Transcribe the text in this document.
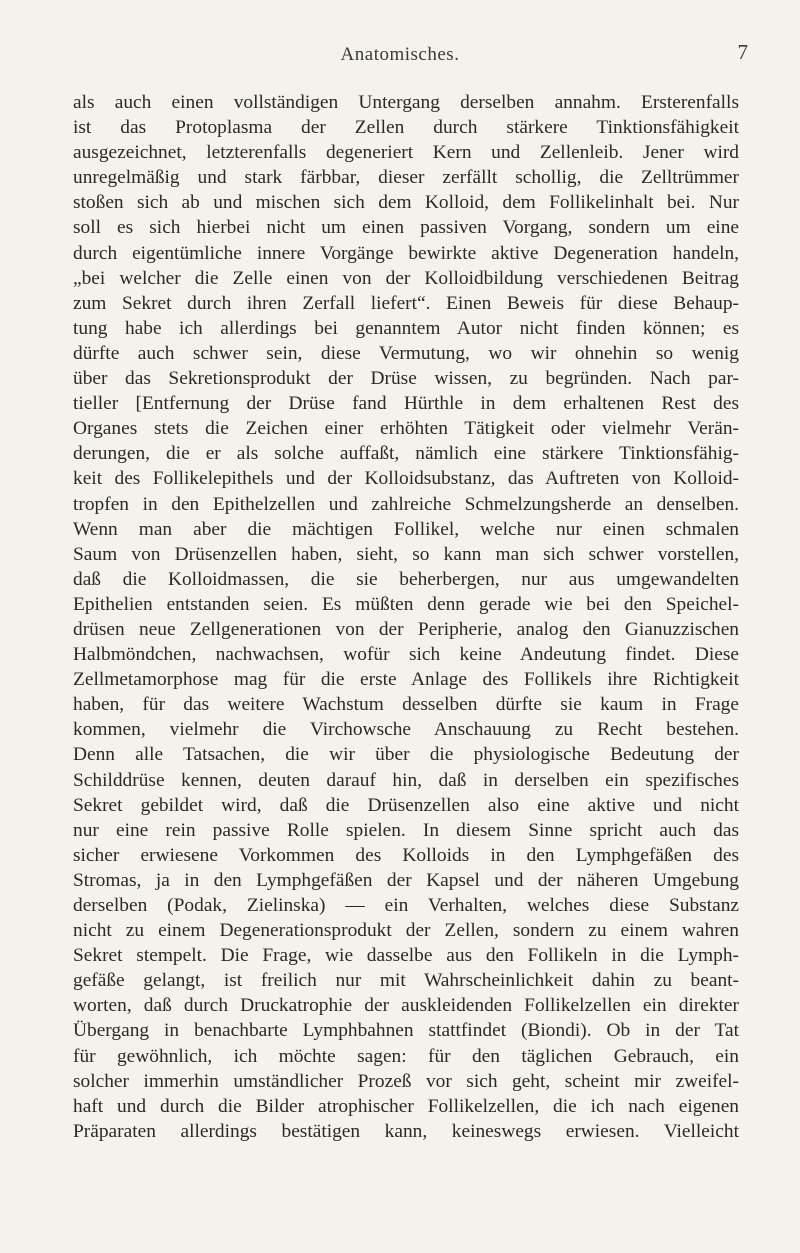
Anatomisches.	7
als auch einen vollständigen Untergang derselben annahm. Ersterenfalls
ist das Protoplasma der Zellen durch stärkere Tinktionsfähigkeit
ausgezeichnet, letzterenfalls degeneriert Kern und Zellenleib. Jener wird
unregelmäßig und stark färbbar, dieser zerfällt schollig, die Zelltrümmer
stoßen sich ab und mischen sich dem Kolloid, dem Follikelinhalt bei. Nur
soll es sich hierbei nicht um einen passiven Vorgang, sondern um eine
durch eigentümliche innere Vorgänge bewirkte aktive Degeneration handeln,
„bei welcher die Zelle einen von der Kolloidbildung verschiedenen Beitrag
zum Sekret durch ihren Zerfall liefert“. Einen Beweis für diese Behaup-
tung habe ich allerdings bei genanntem Autor nicht finden können; es
dürfte auch schwer sein, diese Vermutung, wo wir ohnehin so wenig
über das Sekretionsprodukt der Drüse wissen, zu begründen. Nach par-
tieller [Entfernung der Drüse fand Hürthle in dem erhaltenen Rest des
Organes stets die Zeichen einer erhöhten Tätigkeit oder vielmehr Verän-
derungen, die er als solche auffaßt, nämlich eine stärkere Tinktionsfähig-
keit des Follikelepithels und der Kolloidsubstanz, das Auftreten von Kolloid-
tropfen in den Epithelzellen und zahlreiche Schmelzungsherde an denselben.
Wenn man aber die mächtigen Follikel, welche nur einen schmalen
Saum von Drüsenzellen haben, sieht, so kann man sich schwer vorstellen,
daß die Kolloidmassen, die sie beherbergen, nur aus umgewandelten
Epithelien entstanden seien. Es müßten denn gerade wie bei den Speichel-
drüsen neue Zellgenerationen von der Peripherie, analog den Gianuzzischen
Halbmöndchen, nachwachsen, wofür sich keine Andeutung findet. Diese
Zellmetamorphose mag für die erste Anlage des Follikels ihre Richtigkeit
haben, für das weitere Wachstum desselben dürfte sie kaum in Frage
kommen, vielmehr die Virchowsche Anschauung zu Recht bestehen.
Denn alle Tatsachen, die wir über die physiologische Bedeutung der
Schilddrüse kennen, deuten darauf hin, daß in derselben ein spezifisches
Sekret gebildet wird, daß die Drüsenzellen also eine aktive und nicht
nur eine rein passive Rolle spielen. In diesem Sinne spricht auch das
sicher erwiesene Vorkommen des Kolloids in den Lymphgefäßen des
Stromas, ja in den Lymphgefäßen der Kapsel und der näheren Umgebung
derselben (Podak, Zielinska) — ein Verhalten, welches diese Substanz
nicht zu einem Degenerationsprodukt der Zellen, sondern zu einem wahren
Sekret stempelt. Die Frage, wie dasselbe aus den Follikeln in die Lymph-
gefäße gelangt, ist freilich nur mit Wahrscheinlichkeit dahin zu beant-
worten, daß durch Druckatrophie der auskleidenden Follikelzellen ein direkter
Übergang in benachbarte Lymphbahnen stattfindet (Biondi). Ob in der Tat
für gewöhnlich, ich möchte sagen: für den täglichen Gebrauch, ein
solcher immerhin umständlicher Prozeß vor sich geht, scheint mir zweifel-
haft und durch die Bilder atrophischer Follikelzellen, die ich nach eigenen
Präparaten allerdings bestätigen kann, keineswegs erwiesen. Vielleicht
